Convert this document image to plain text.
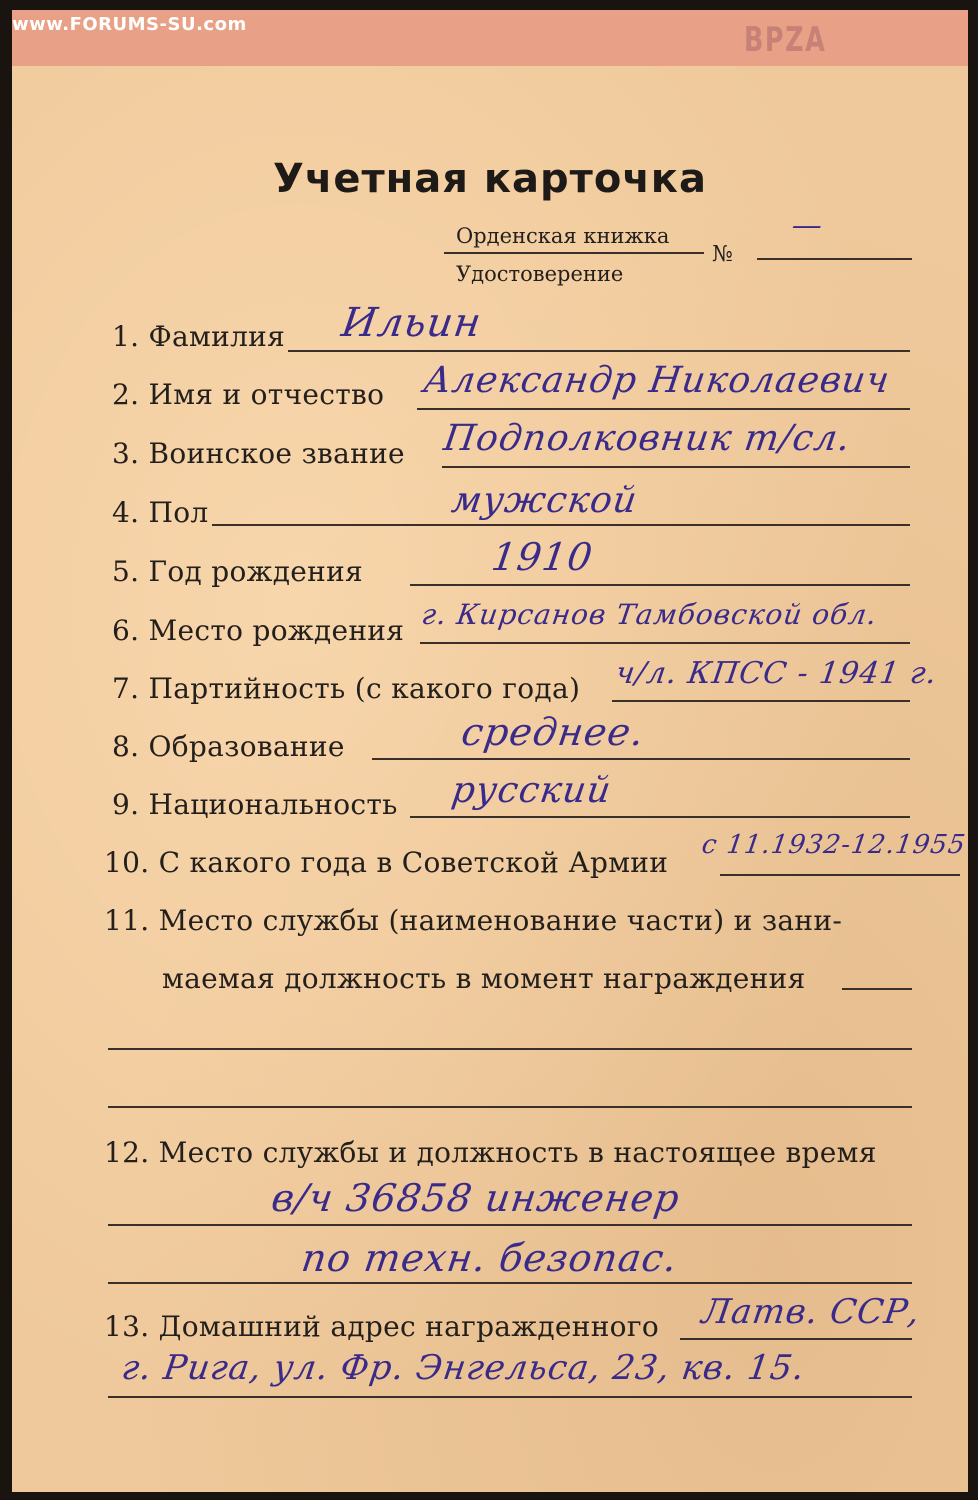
www.FORUMS-SU.com	BPZA
Учетная карточка
Орденская книжка
Удостоверение
№
—
1. Фамилия Ильин
2. Имя и отчество Александр Николаевич
3. Воинское звание Подполковник т/сл.
4. Пол	мужской
5. Год рождения	1910
6. Место рождения г. Кирсанов Тамбовской обл.
7. Партийность (с какого года) ч/л. КПСС - 1941 г.
8. Образование	среднее.
9. Национальность русский
10. С какого года в Советской Армии
с 11.1932-12.1955
11. Место службы (наименование части) и зани-
маемая должность в момент награждения
12. Место службы и должность в настоящее время
в/ч 36858 инженер
по техн. безопас.
13. Домашний адрес награжденного Латв. ССР,
г. Рига, ул. Фр. Энгельса, 23, кв. 15.
